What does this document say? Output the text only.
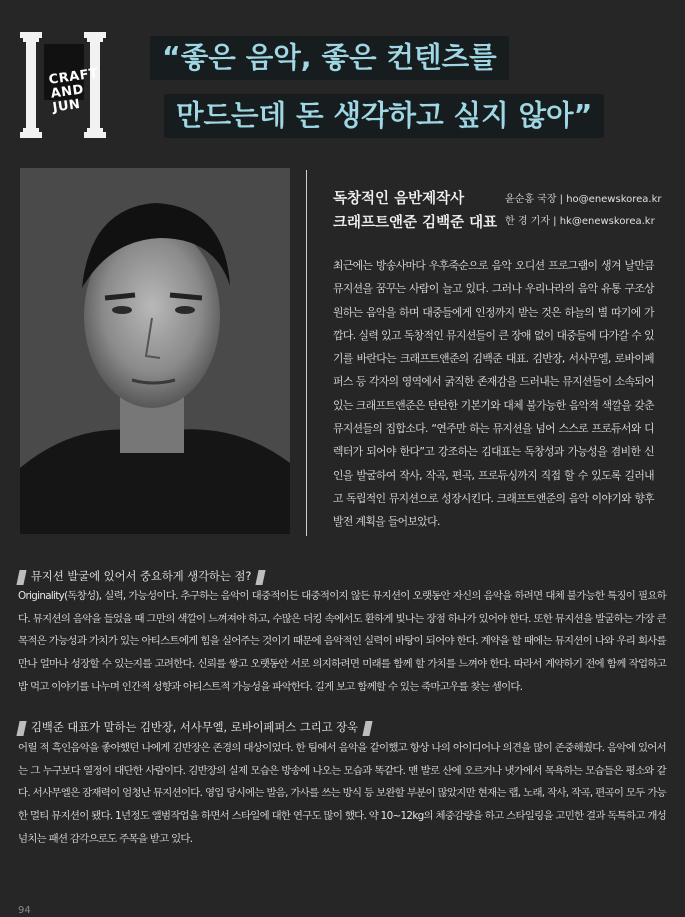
CRAFT
AND
JUN
“좋은 음악, 좋은 컨텐츠를
만드는데 돈 생각하고 싶지 않아”
독창적인 음반제작사
크래프트앤준 김백준 대표
윤순홍 국장 | ho@enewskorea.kr
한 경 기자 | hk@enewskorea.kr

최근에는 방송사마다 우후죽순으로 음악 오디션 프로그램이 생겨 날만큼 뮤지션을 꿈꾸는 사람이 늘고 있다. 그러나 우리나라의 음악 유통 구조상 원하는 음악을 하며 대중들에게 인정까지 받는 것은 하늘의 별 따기에 가깝다. 실력 있고 독창적인 뮤지션들이 큰 장애 없이 대중들에 다가갈 수 있기를 바란다는 크래프트앤준의 김백준 대표. 김반장, 서사무엘, 로바이페퍼스 등 각자의 영역에서 굵직한 존재감을 드러내는 뮤지션들이 소속되어 있는 크래프트앤준은 탄탄한 기본기와 대체 불가능한 음악적 색깔을 갖춘 뮤지션들의 집합소다. “연주만 하는 뮤지션을 넘어 스스로 프로듀서와 디렉터가 되어야 한다”고 강조하는 김대표는 독창성과 가능성을 겸비한 신인을 발굴하여 작사, 작곡, 편곡, 프로듀싱까지 직접 할 수 있도록 길러내고 독립적인 뮤지션으로 성장시킨다. 크래프트앤준의 음악 이야기와 향후 발전 계획을 들어보았다.

뮤지션 발굴에 있어서 중요하게 생각하는 점?

Originality(독창성), 실력, 가능성이다. 추구하는 음악이 대중적이든 대중적이지 않든 뮤지션이 오랫동안 자신의 음악을 하려면 대체 불가능한 특징이 필요하다. 뮤지션의 음악을 들었을 때 그만의 색깔이 느껴져야 하고, 수많은 더킹 속에서도 환하게 빛나는 장점 하나가 있어야 한다. 또한 뮤지션을 발굴하는 가장 큰 목적은 가능성과 가치가 있는 아티스트에게 힘을 실어주는 것이기 때문에 음악적인 실력이 바탕이 되어야 한다. 계약을 할 때에는 뮤지션이 나와 우리 회사를 만나 얼마나 성장할 수 있는지를 고려한다. 신뢰를 쌓고 오랫동안 서로 의지하려면 미래를 함께 할 가치를 느껴야 한다. 따라서 계약하기 전에 함께 작업하고 밥 먹고 이야기를 나누며 인간적 성향과 아티스트적 가능성을 파악한다. 길게 보고 함께할 수 있는 죽마고우를 찾는 셈이다.

김백준 대표가 말하는 김반장, 서사무엘, 로바이페퍼스 그리고 장욱

어릴 적 흑인음악을 좋아했던 나에게 김반장은 존경의 대상이었다. 한 팀에서 음악을 같이했고 항상 나의 아이디어나 의견을 많이 존중해줬다. 음악에 있어서는 그 누구보다 열정이 대단한 사람이다. 김반장의 실제 모습은 방송에 나오는 모습과 똑같다. 맨 발로 산에 오르거나 냇가에서 목욕하는 모습들은 평소와 같다. 서사무엘은 잠재력이 엄청난 뮤지션이다. 영입 당시에는 발음, 가사를 쓰는 방식 등 보완할 부분이 많았지만 현재는 랩, 노래, 작사, 작곡, 편곡이 모두 가능한 멀티 뮤지션이 됐다. 1년정도 앨범작업을 하면서 스타일에 대한 연구도 많이 했다. 약 10~12kg의 체중감량을 하고 스타일링을 고민한 결과 독특하고 개성 넘치는 패션 감각으로도 주목을 받고 있다.

94
